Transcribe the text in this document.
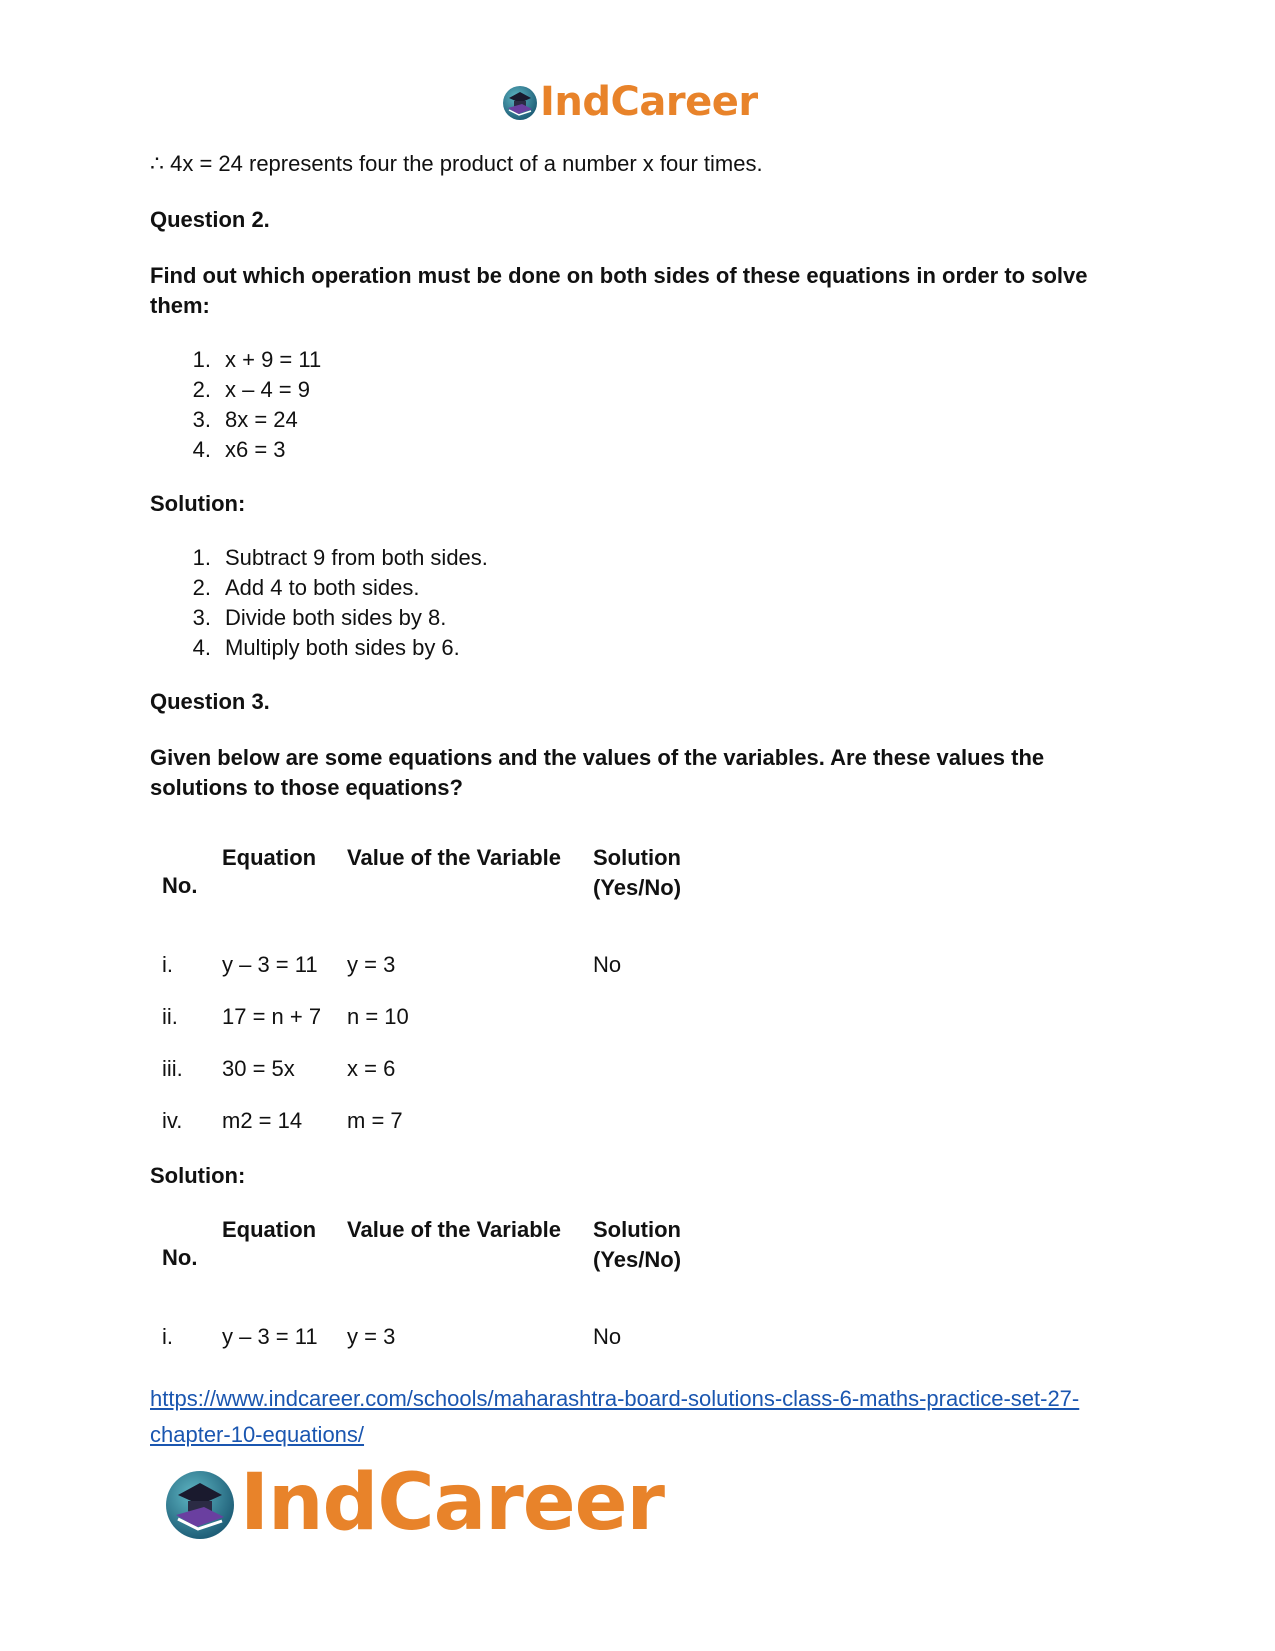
IndCareer

∴ 4x = 24 represents four the product of a number x four times.

Question 2.

Find out which operation must be done on both sides of these equations in order to solve them:

1. x + 9 = 11
2. x – 4 = 9
3. 8x = 24
4. x6 = 3

Solution:

1. Subtract 9 from both sides.
2. Add 4 to both sides.
3. Divide both sides by 8.
4. Multiply both sides by 6.

Question 3.

Given below are some equations and the values of the variables. Are these values the solutions to those equations?

No.	Equation	Value of the Variable	Solution (Yes/No)
i.	y – 3 = 11	y = 3	No
ii.	17 = n + 7	n = 10	
iii.	30 = 5x	x = 6	
iv.	m2 = 14	m = 7	

Solution:

No.	Equation	Value of the Variable	Solution (Yes/No)
i.	y – 3 = 11	y = 3	No
https://www.indcareer.com/schools/maharashtra-board-solutions-class-6-maths-practice-set-27-chapter-10-equations/
IndCareer
